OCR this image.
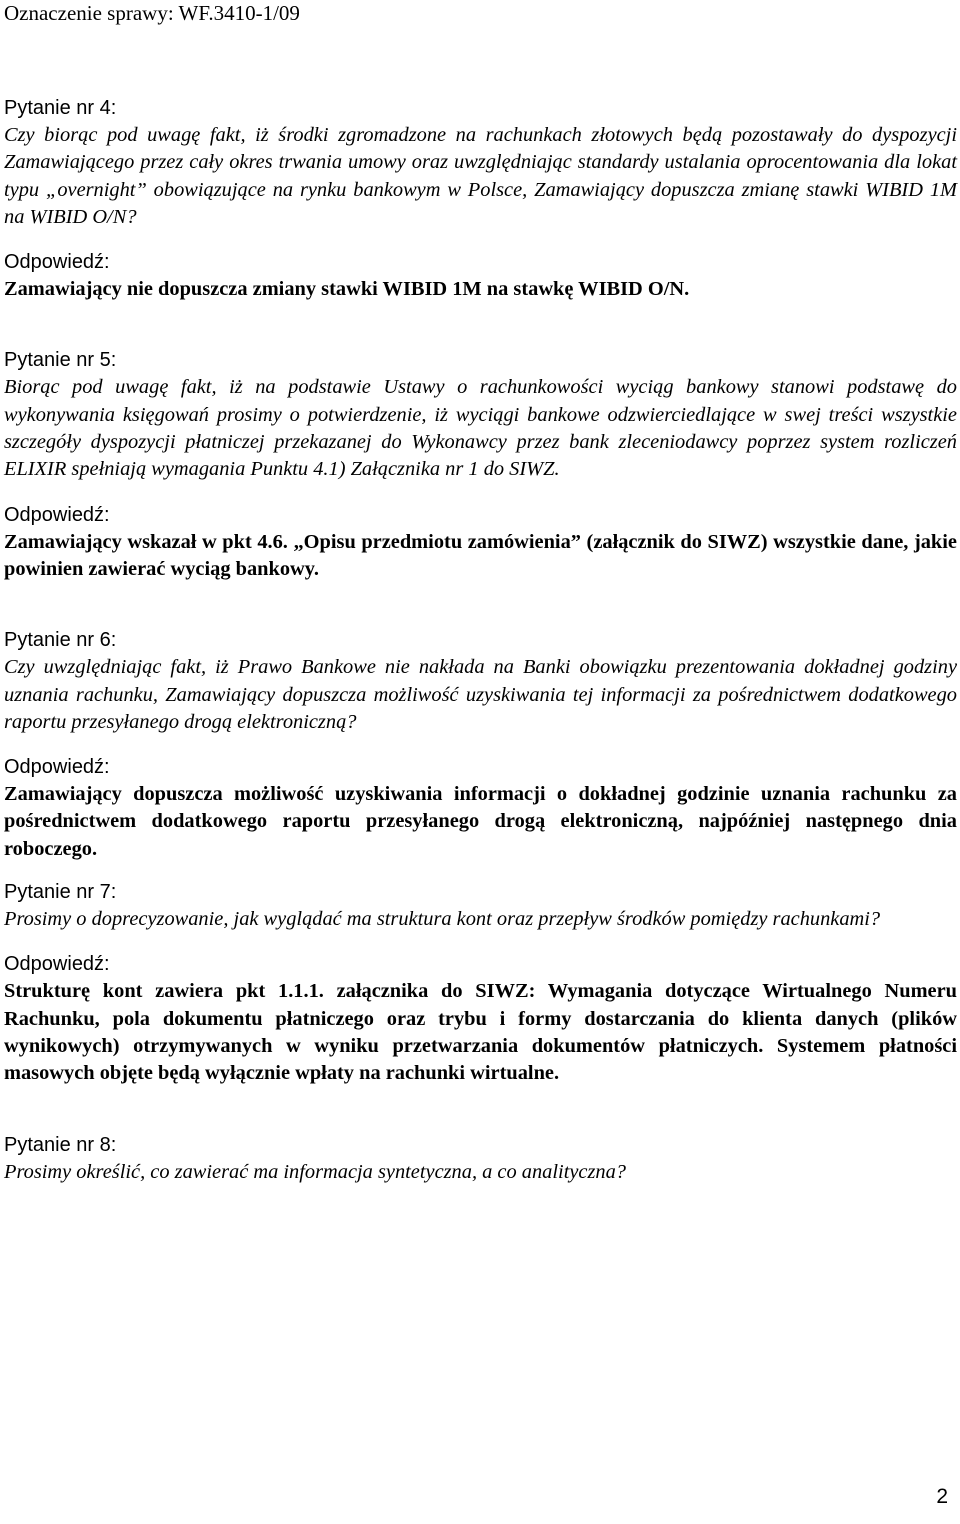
Oznaczenie sprawy: WF.3410-1/09

Pytanie nr 4:

Czy biorąc pod uwagę fakt, iż środki zgromadzone na rachunkach złotowych będą pozostawały do dyspozycji Zamawiającego przez cały okres trwania umowy oraz uwzględniając standardy ustalania oprocentowania dla lokat typu „overnight” obowiązujące na rynku bankowym w Polsce, Zamawiający dopuszcza zmianę stawki WIBID 1M na WIBID O/N?

Odpowiedź:

Zamawiający nie dopuszcza zmiany stawki WIBID 1M na stawkę WIBID O/N.

Pytanie nr 5:

Biorąc pod uwagę fakt, iż na podstawie Ustawy o rachunkowości wyciąg bankowy stanowi podstawę do wykonywania księgowań prosimy o potwierdzenie, iż wyciągi bankowe odzwierciedlające w swej treści wszystkie szczegóły dyspozycji płatniczej przekazanej do Wykonawcy przez bank zleceniodawcy poprzez system rozliczeń ELIXIR spełniają wymagania Punktu 4.1) Załącznika nr 1 do SIWZ.

Odpowiedź:

Zamawiający wskazał w pkt 4.6. „Opisu przedmiotu zamówienia” (załącznik do SIWZ) wszystkie dane, jakie powinien zawierać wyciąg bankowy.

Pytanie nr 6:

Czy uwzględniając fakt, iż Prawo Bankowe nie nakłada na Banki obowiązku prezentowania dokładnej godziny uznania rachunku, Zamawiający dopuszcza możliwość uzyskiwania tej informacji za pośrednictwem dodatkowego raportu przesyłanego drogą elektroniczną?

Odpowiedź:

Zamawiający dopuszcza możliwość uzyskiwania informacji o dokładnej godzinie uznania rachunku za pośrednictwem dodatkowego raportu przesyłanego drogą elektroniczną, najpóźniej następnego dnia roboczego.

Pytanie nr 7:

Prosimy o doprecyzowanie, jak wyglądać ma struktura kont oraz przepływ środków pomiędzy rachunkami?

Odpowiedź:

Strukturę kont zawiera pkt 1.1.1. załącznika do SIWZ: Wymagania dotyczące Wirtualnego Numeru Rachunku, pola dokumentu płatniczego oraz trybu i formy dostarczania do klienta danych (plików wynikowych) otrzymywanych w wyniku przetwarzania dokumentów płatniczych. Systemem płatności masowych objęte będą wyłącznie wpłaty na rachunki wirtualne.

Pytanie nr 8:

Prosimy określić, co zawierać ma informacja syntetyczna, a co analityczna?

2
